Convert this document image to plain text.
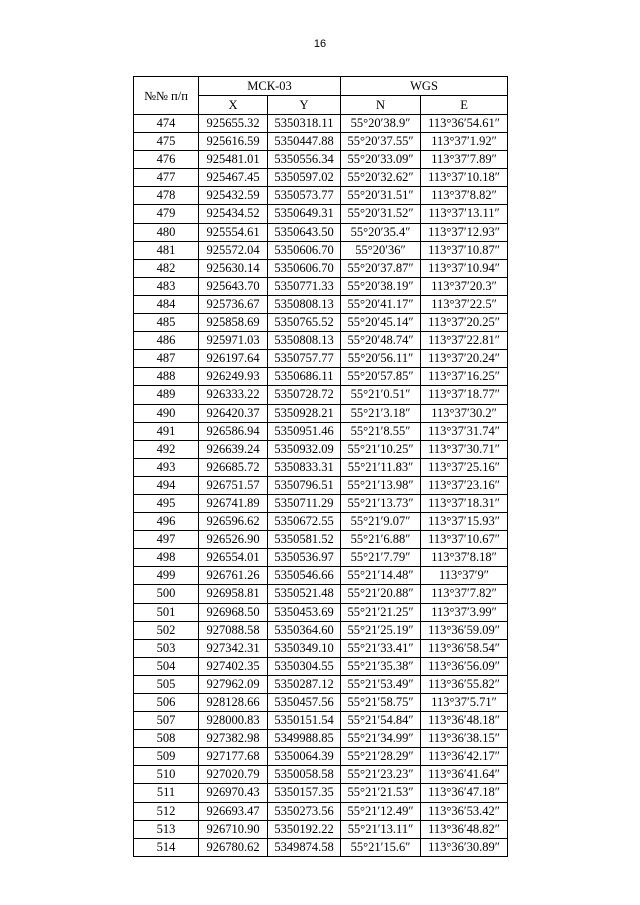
16
№№ п/п	МСК-03		WGS	
	X	Y	N	E
474	925655.32	5350318.11	55°20′38.9″	113°36′54.61″
475	925616.59	5350447.88	55°20′37.55″	113°37′1.92″
476	925481.01	5350556.34	55°20′33.09″	113°37′7.89″
477	925467.45	5350597.02	55°20′32.62″	113°37′10.18″
478	925432.59	5350573.77	55°20′31.51″	113°37′8.82″
479	925434.52	5350649.31	55°20′31.52″	113°37′13.11″
480	925554.61	5350643.50	55°20′35.4″	113°37′12.93″
481	925572.04	5350606.70	55°20′36″	113°37′10.87″
482	925630.14	5350606.70	55°20′37.87″	113°37′10.94″
483	925643.70	5350771.33	55°20′38.19″	113°37′20.3″
484	925736.67	5350808.13	55°20′41.17″	113°37′22.5″
485	925858.69	5350765.52	55°20′45.14″	113°37′20.25″
486	925971.03	5350808.13	55°20′48.74″	113°37′22.81″
487	926197.64	5350757.77	55°20′56.11″	113°37′20.24″
488	926249.93	5350686.11	55°20′57.85″	113°37′16.25″
489	926333.22	5350728.72	55°21′0.51″	113°37′18.77″
490	926420.37	5350928.21	55°21′3.18″	113°37′30.2″
491	926586.94	5350951.46	55°21′8.55″	113°37′31.74″
492	926639.24	5350932.09	55°21′10.25″	113°37′30.71″
493	926685.72	5350833.31	55°21′11.83″	113°37′25.16″
494	926751.57	5350796.51	55°21′13.98″	113°37′23.16″
495	926741.89	5350711.29	55°21′13.73″	113°37′18.31″
496	926596.62	5350672.55	55°21′9.07″	113°37′15.93″
497	926526.90	5350581.52	55°21′6.88″	113°37′10.67″
498	926554.01	5350536.97	55°21′7.79″	113°37′8.18″
499	926761.26	5350546.66	55°21′14.48″	113°37′9″
500	926958.81	5350521.48	55°21′20.88″	113°37′7.82″
501	926968.50	5350453.69	55°21′21.25″	113°37′3.99″
502	927088.58	5350364.60	55°21′25.19″	113°36′59.09″
503	927342.31	5350349.10	55°21′33.41″	113°36′58.54″
504	927402.35	5350304.55	55°21′35.38″	113°36′56.09″
505	927962.09	5350287.12	55°21′53.49″	113°36′55.82″
506	928128.66	5350457.56	55°21′58.75″	113°37′5.71″
507	928000.83	5350151.54	55°21′54.84″	113°36′48.18″
508	927382.98	5349988.85	55°21′34.99″	113°36′38.15″
509	927177.68	5350064.39	55°21′28.29″	113°36′42.17″
510	927020.79	5350058.58	55°21′23.23″	113°36′41.64″
511	926970.43	5350157.35	55°21′21.53″	113°36′47.18″
512	926693.47	5350273.56	55°21′12.49″	113°36′53.42″
513	926710.90	5350192.22	55°21′13.11″	113°36′48.82″
514	926780.62	5349874.58	55°21′15.6″	113°36′30.89″
